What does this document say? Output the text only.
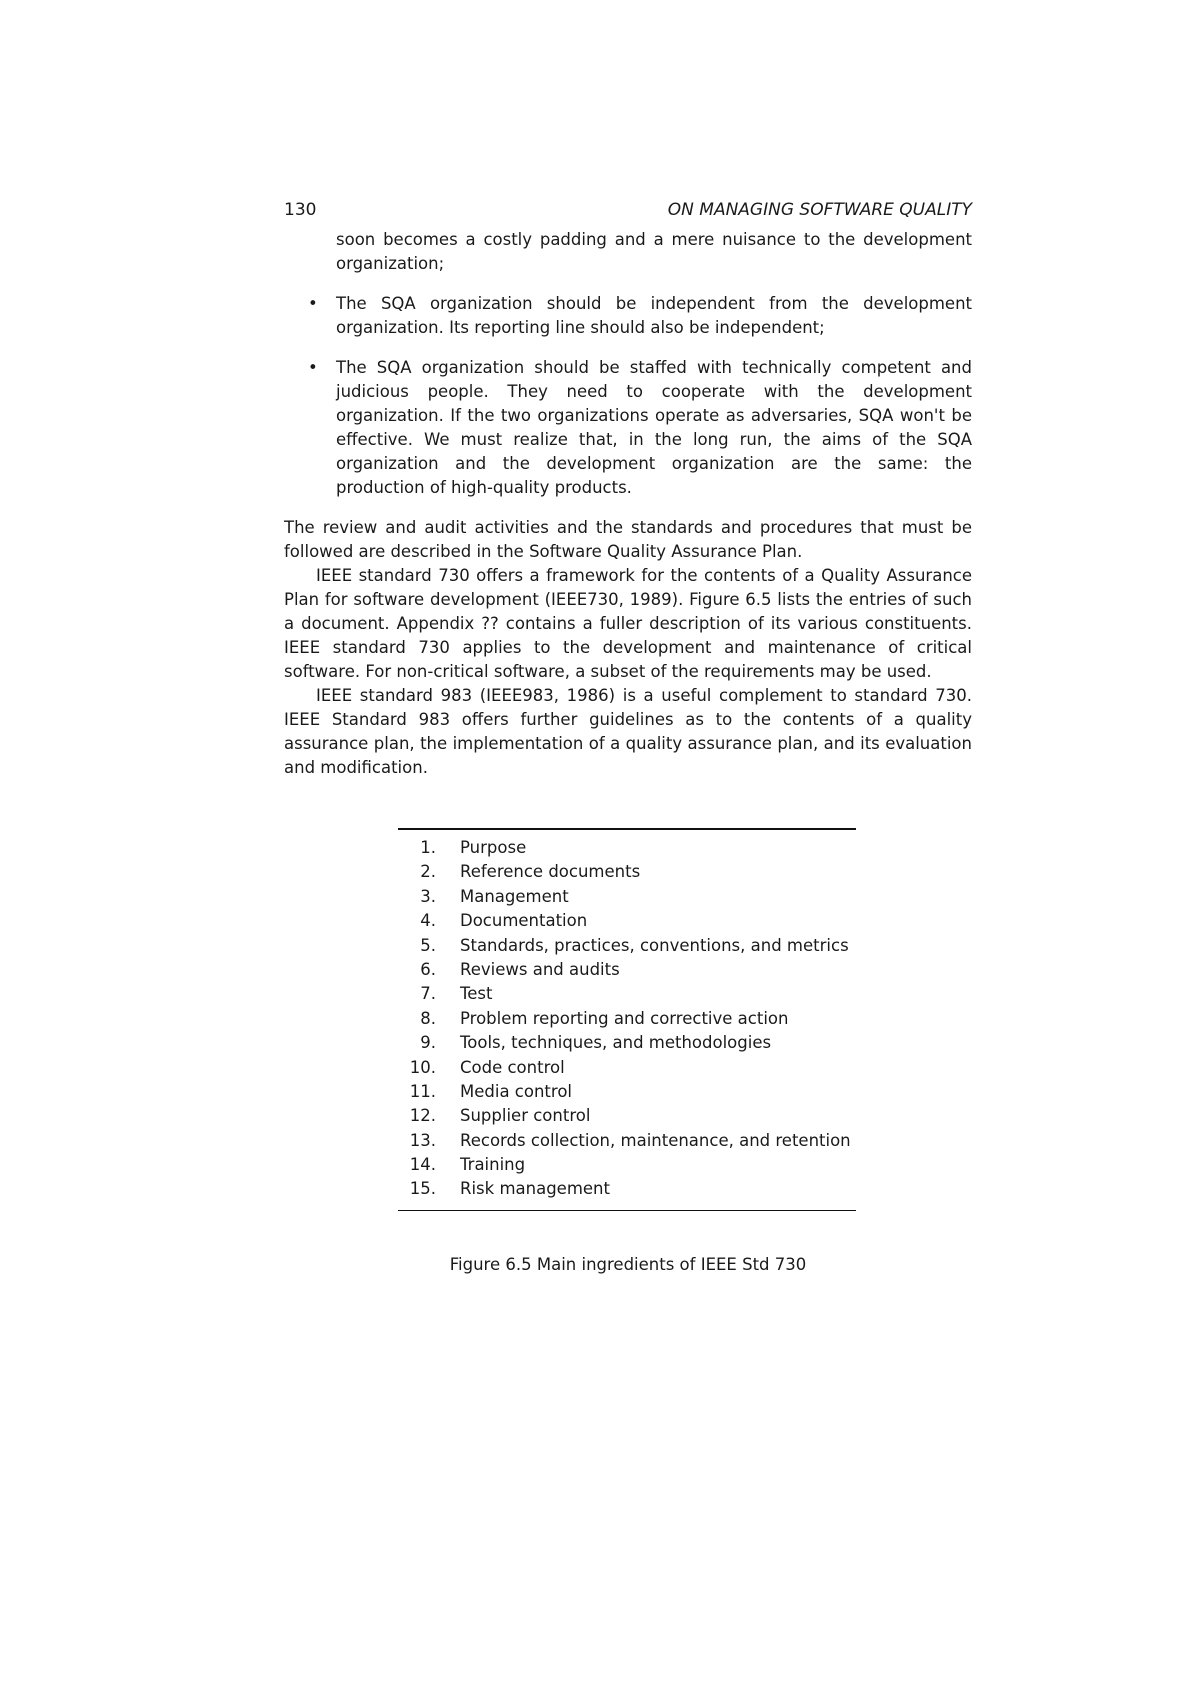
130	ON MANAGING SOFTWARE QUALITY

soon becomes a costly padding and a mere nuisance to the development organization;

•

The SQA organization should be independent from the development organization. Its reporting line should also be independent;

•

The SQA organization should be staffed with technically competent and judicious people. They need to cooperate with the development organization. If the two organizations operate as adversaries, SQA won't be effective. We must realize that, in the long run, the aims of the SQA organization and the development organization are the same: the production of high-quality products.

The review and audit activities and the standards and procedures that must be followed are described in the Software Quality Assurance Plan.

IEEE standard 730 offers a framework for the contents of a Quality Assurance Plan for software development (IEEE730, 1989). Figure 6.5 lists the entries of such a document. Appendix ?? contains a fuller description of its various constituents. IEEE standard 730 applies to the development and maintenance of critical software. For non-critical software, a subset of the requirements may be used.

IEEE standard 983 (IEEE983, 1986) is a useful complement to standard 730. IEEE Standard 983 offers further guidelines as to the contents of a quality assurance plan, the implementation of a quality assurance plan, and its evaluation and modification.

1.	Purpose
2.	Reference documents
3.	Management
4.	Documentation
5.	Standards, practices, conventions, and metrics
6.	Reviews and audits
7.	Test
8.	Problem reporting and corrective action
9.	Tools, techniques, and methodologies
10.	Code control
11.	Media control
12.	Supplier control
13.	Records collection, maintenance, and retention
14.	Training
15.	Risk management
Figure 6.5 Main ingredients of IEEE Std 730
